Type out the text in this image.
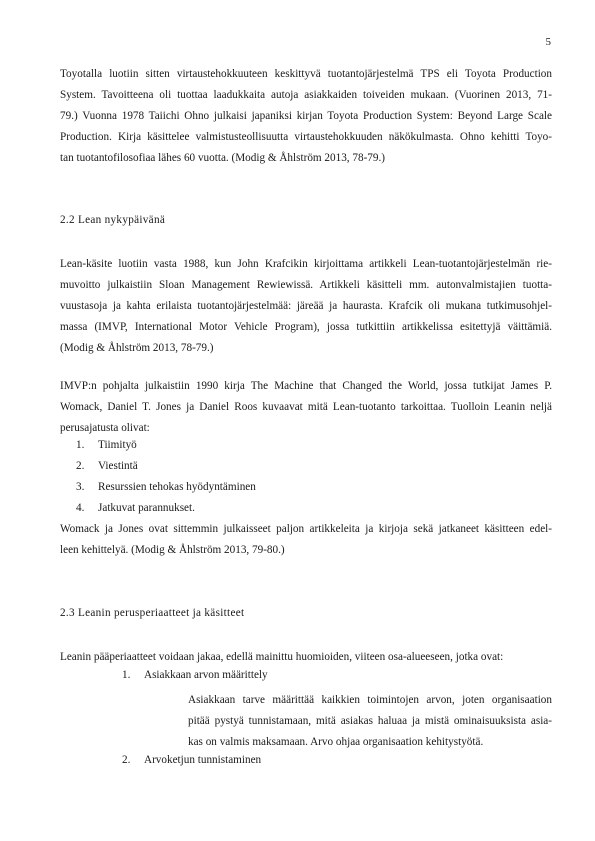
5
Toyotalla luotiin sitten virtaustehokkuuteen keskittyvä tuotantojärjestelmä TPS eli Toyota Production
System. Tavoitteena oli tuottaa laadukkaita autoja asiakkaiden toiveiden mukaan. (Vuorinen 2013, 71-
79.) Vuonna 1978 Taiichi Ohno julkaisi japaniksi kirjan Toyota Production System: Beyond Large Scale
Production. Kirja käsittelee valmistusteollisuutta virtaustehokkuuden näkökulmasta. Ohno kehitti Toyo-
tan tuotantofilosofiaa lähes 60 vuotta. (Modig & Åhlström 2013, 78-79.)
2.2 Lean nykypäivänä
Lean-käsite luotiin vasta 1988, kun John Krafcikin kirjoittama artikkeli Lean-tuotantojärjestelmän rie-
muvoitto julkaistiin Sloan Management Rewiewissä. Artikkeli käsitteli mm. autonvalmistajien tuotta-
vuustasoja ja kahta erilaista tuotantojärjestelmää: järeää ja haurasta. Krafcik oli mukana tutkimusohjel-
massa (IMVP, International Motor Vehicle Program), jossa tutkittiin artikkelissa esitettyjä väittämiä.
(Modig & Åhlström 2013, 78-79.)
IMVP:n pohjalta julkaistiin 1990 kirja The Machine that Changed the World, jossa tutkijat James P.
Womack, Daniel T. Jones ja Daniel Roos kuvaavat mitä Lean-tuotanto tarkoittaa. Tuolloin Leanin neljä
perusajatusta olivat:
1. Tiimityö
2. Viestintä
3. Resurssien tehokas hyödyntäminen
4. Jatkuvat parannukset.
Womack ja Jones ovat sittemmin julkaisseet paljon artikkeleita ja kirjoja sekä jatkaneet käsitteen edel-
leen kehittelyä. (Modig & Åhlström 2013, 79-80.)
2.3 Leanin perusperiaatteet ja käsitteet
Leanin pääperiaatteet voidaan jakaa, edellä mainittu huomioiden, viiteen osa-alueeseen, jotka ovat:
1. Asiakkaan arvon määrittely
Asiakkaan tarve määrittää kaikkien toimintojen arvon, joten organisaation
pitää pystyä tunnistamaan, mitä asiakas haluaa ja mistä ominaisuuksista asia-
kas on valmis maksamaan. Arvo ohjaa organisaation kehitystyötä.
2. Arvoketjun tunnistaminen
